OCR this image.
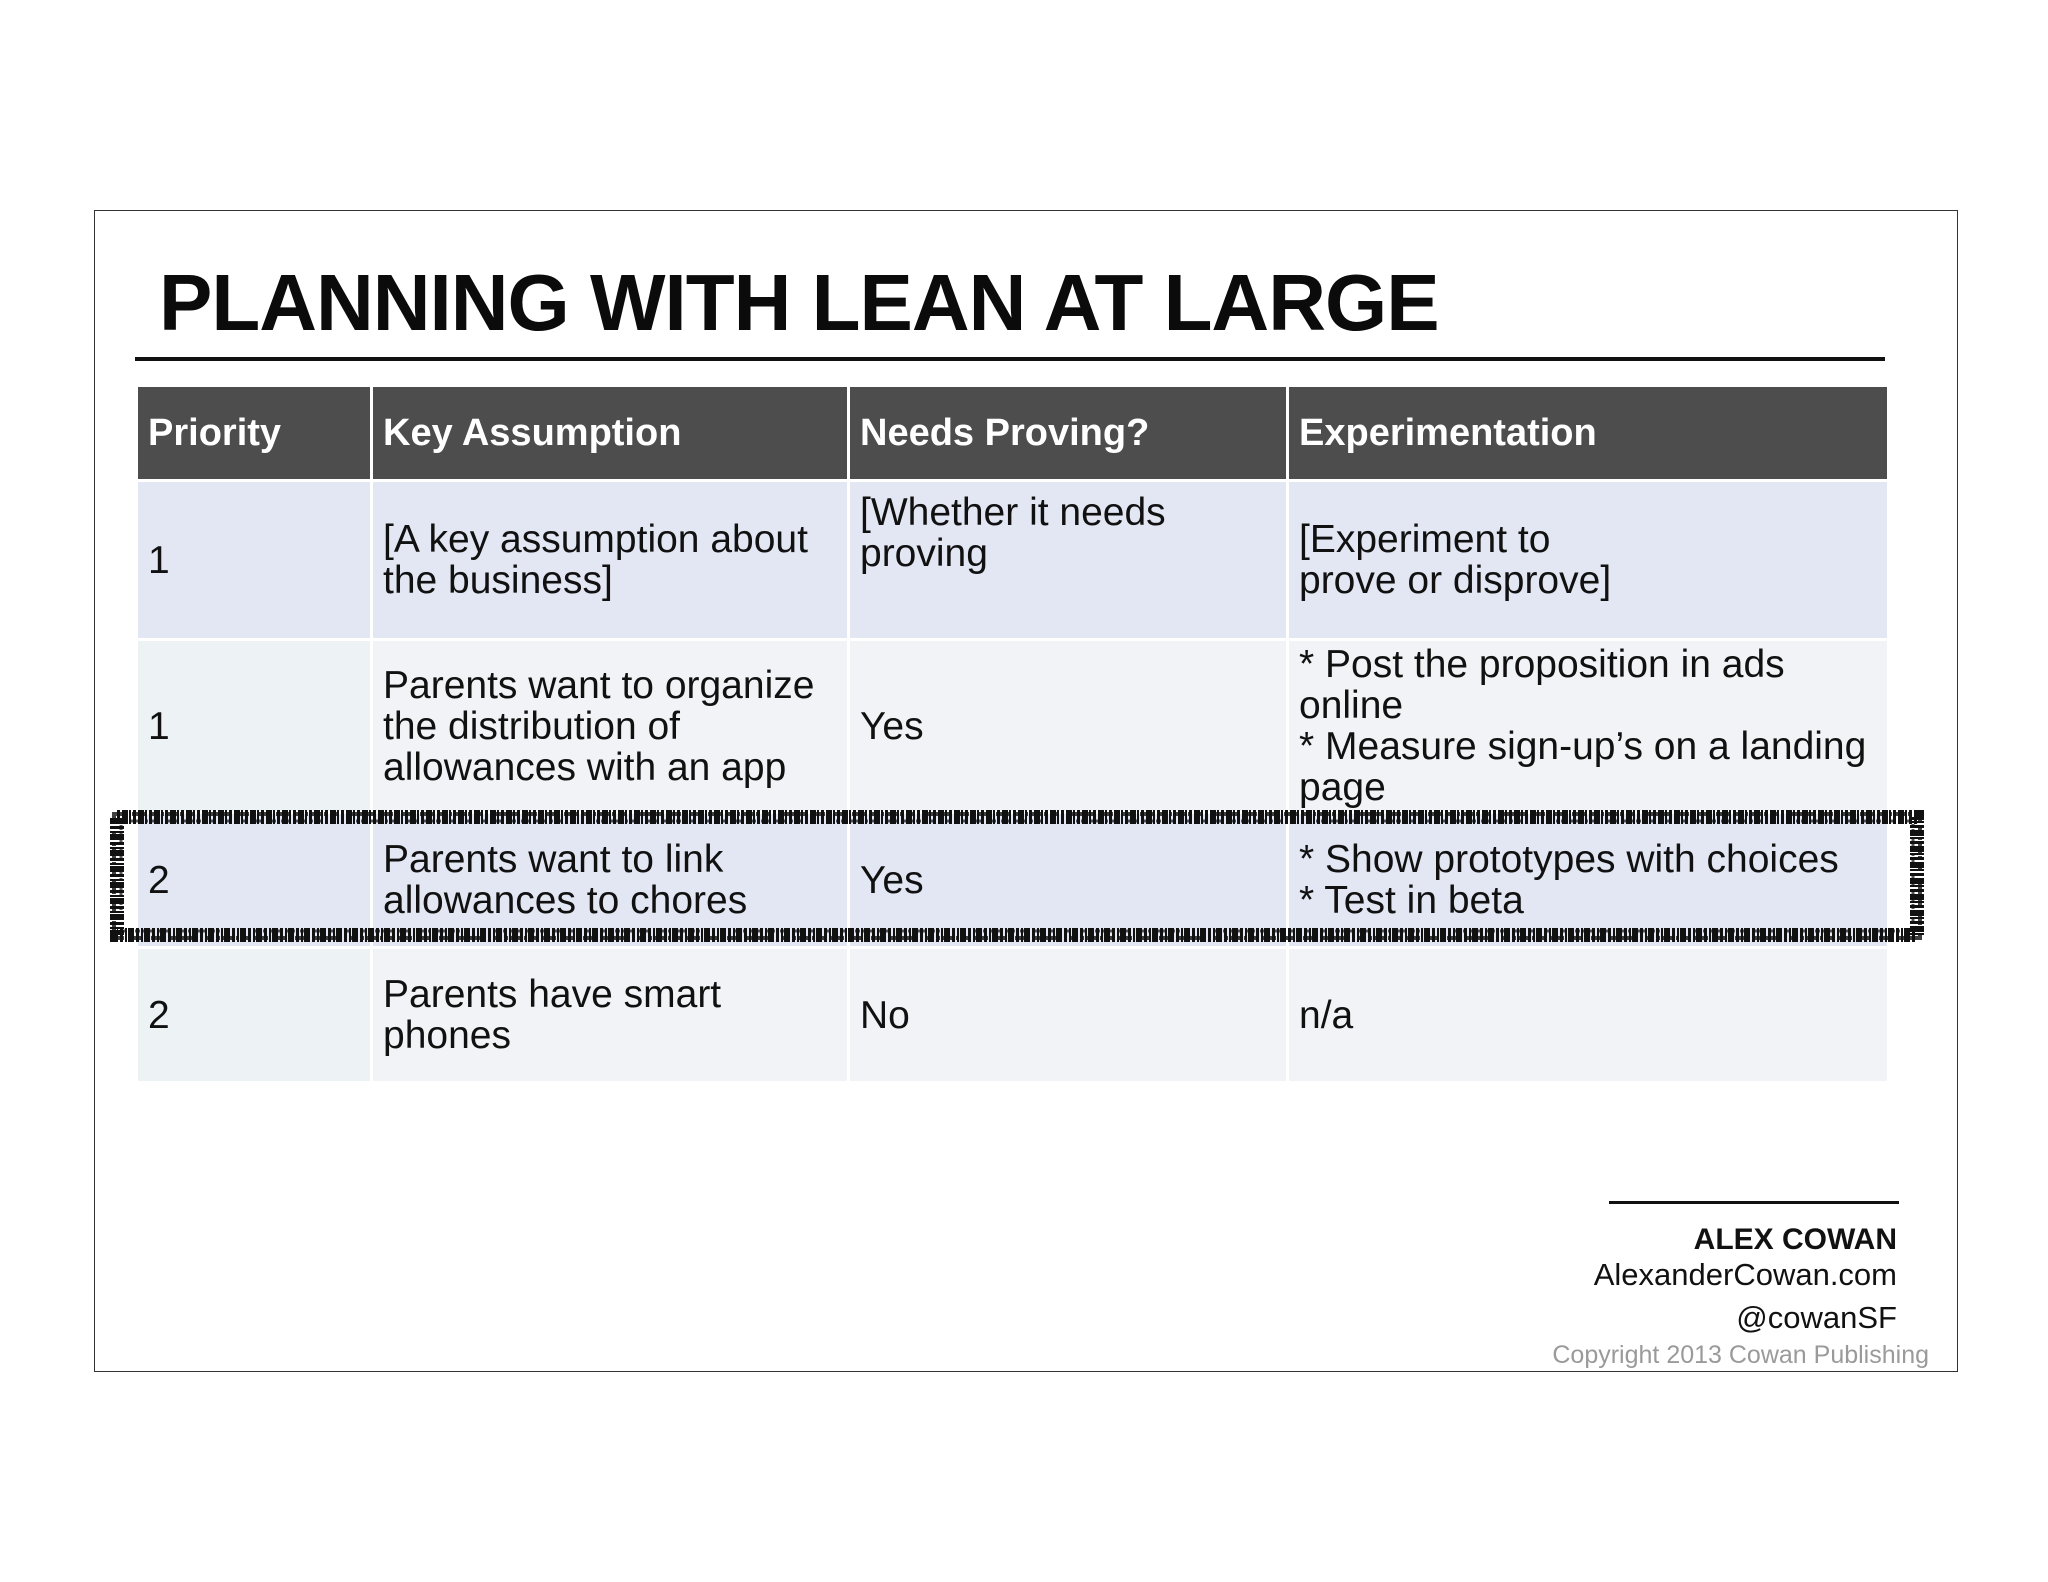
PLANNING WITH LEAN AT LARGE
Priority	Key Assumption	Needs Proving?	Experimentation
1	[A key assumption about the business]	[Whether it needs proving	[Experiment to
prove or disprove]
1	Parents want to organize the distribution of allowances with an app	Yes	* Post the proposition in ads online
* Measure sign-up’s on a landing page
2	Parents want to link allowances to chores	Yes	* Show prototypes with choices
* Test in beta
2	Parents have smart phones	No	n/a
ALEX COWAN
AlexanderCowan.com
@cowanSF
Copyright 2013 Cowan Publishing
